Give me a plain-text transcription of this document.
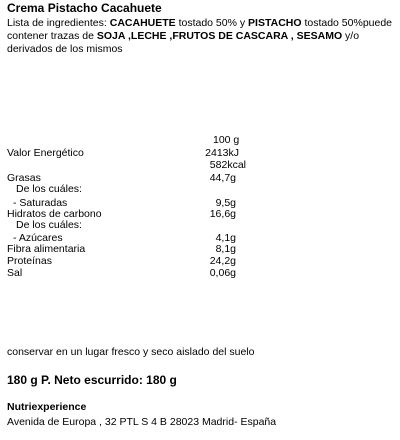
Crema Pistacho Cacahuete
Lista de ingredientes: CACAHUETE tostado 50% y PISTACHO tostado 50%puede contener trazas de SOJA ,LECHE ,FRUTOS DE CASCARA , SESAMO y/o derivados de los mismos
100 g
Valor Energético	2413kJ
582kcal
Grasas	44,7g
De los cuáles:
- Saturadas	9,5g
Hidratos de carbono	16,6g
De los cuáles:
- Azúcares	4,1g
Fibra alimentaria	8,1g
Proteínas	24,2g
Sal	0,06g
conservar en un lugar fresco y seco aislado del suelo
180 g P. Neto escurrido: 180 g
Nutriexperience
Avenida de Europa , 32 PTL S 4 B 28023 Madrid- España
